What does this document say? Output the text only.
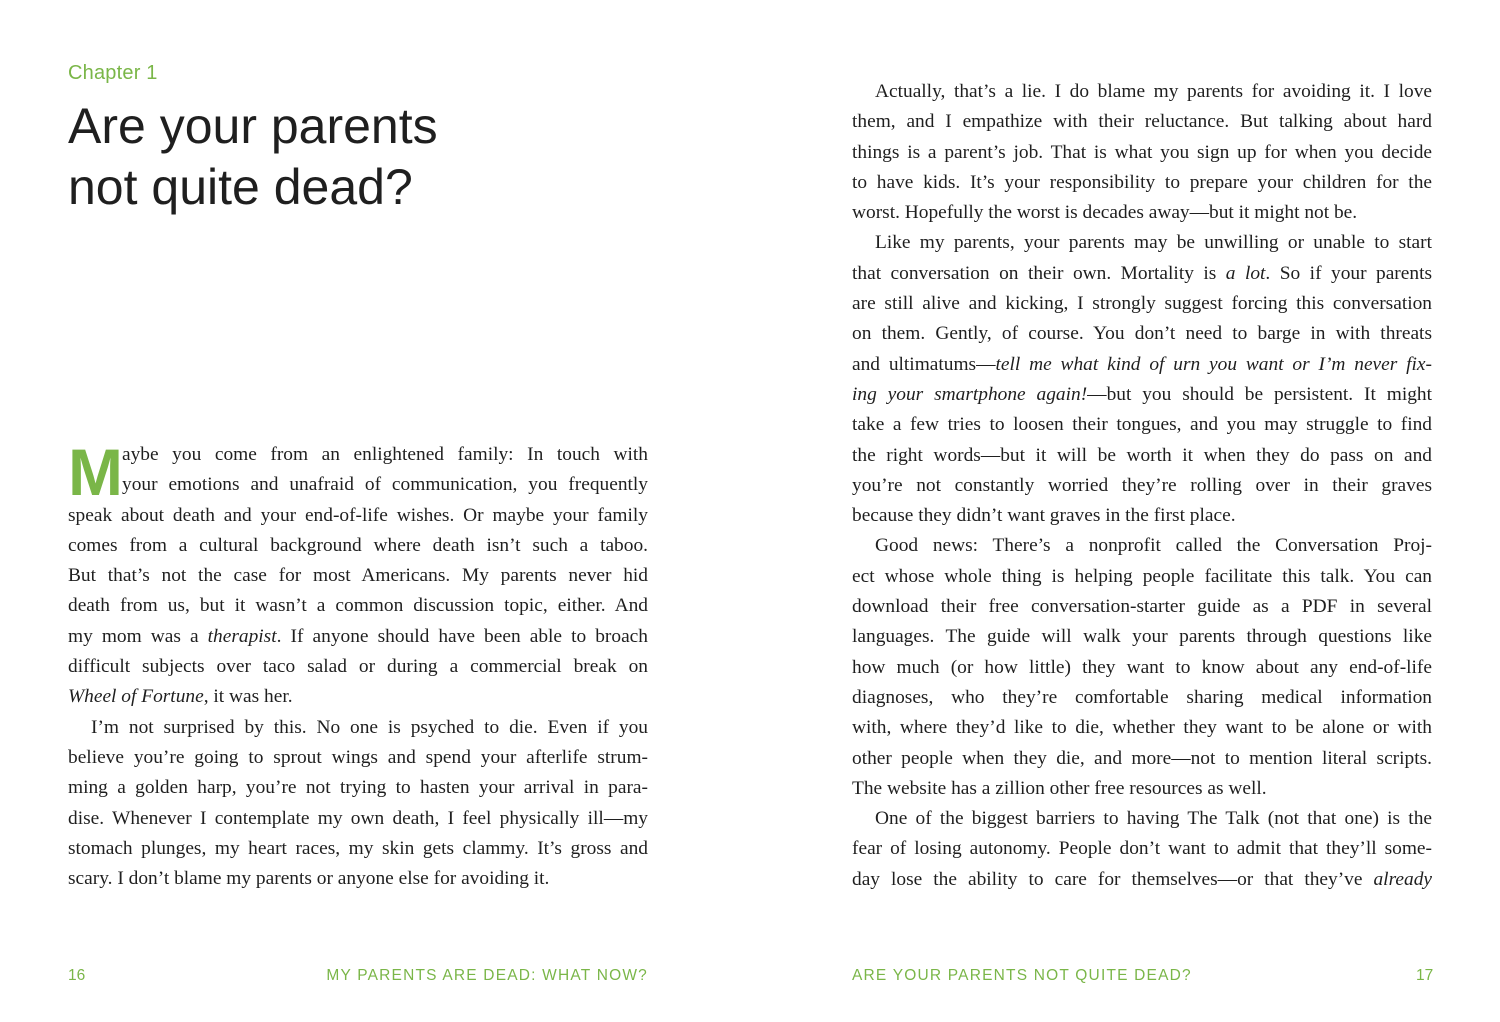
Chapter 1
Are your parents
not quite dead?
M aybe you come from an enlightened family: In touch with
your emotions and unafraid of communication, you frequently
speak about death and your end-of-life wishes. Or maybe your family
comes from a cultural background where death isn’t such a taboo.
But that’s not the case for most Americans. My parents never hid
death from us, but it wasn’t a common discussion topic, either. And
my mom was a therapist. If anyone should have been able to broach
difficult subjects over taco salad or during a commercial break on
Wheel of Fortune, it was her.
I’m not surprised by this. No one is psyched to die. Even if you
believe you’re going to sprout wings and spend your afterlife strum-
ming a golden harp, you’re not trying to hasten your arrival in para-
dise. Whenever I contemplate my own death, I feel physically ill—my
stomach plunges, my heart races, my skin gets clammy. It’s gross and
scary. I don’t blame my parents or anyone else for avoiding it.
16	MY PARENTS ARE DEAD: WHAT NOW?
Actually, that’s a lie. I do blame my parents for avoiding it. I love
them, and I empathize with their reluctance. But talking about hard
things is a parent’s job. That is what you sign up for when you decide
to have kids. It’s your responsibility to prepare your children for the
worst. Hopefully the worst is decades away—but it might not be.
Like my parents, your parents may be unwilling or unable to start
that conversation on their own. Mortality is a lot. So if your parents
are still alive and kicking, I strongly suggest forcing this conversation
on them. Gently, of course. You don’t need to barge in with threats
and ultimatums—tell me what kind of urn you want or I’m never fix-
ing your smartphone again!—but you should be persistent. It might
take a few tries to loosen their tongues, and you may struggle to find
the right words—but it will be worth it when they do pass on and
you’re not constantly worried they’re rolling over in their graves
because they didn’t want graves in the first place.
Good news: There’s a nonprofit called the Conversation Proj-
ect whose whole thing is helping people facilitate this talk. You can
download their free conversation-starter guide as a PDF in several
languages. The guide will walk your parents through questions like
how much (or how little) they want to know about any end-of-life
diagnoses, who they’re comfortable sharing medical information
with, where they’d like to die, whether they want to be alone or with
other people when they die, and more—not to mention literal scripts.
The website has a zillion other free resources as well.
One of the biggest barriers to having The Talk (not that one) is the
fear of losing autonomy. People don’t want to admit that they’ll some-
day lose the ability to care for themselves—or that they’ve already
ARE YOUR PARENTS NOT QUITE DEAD?	17
